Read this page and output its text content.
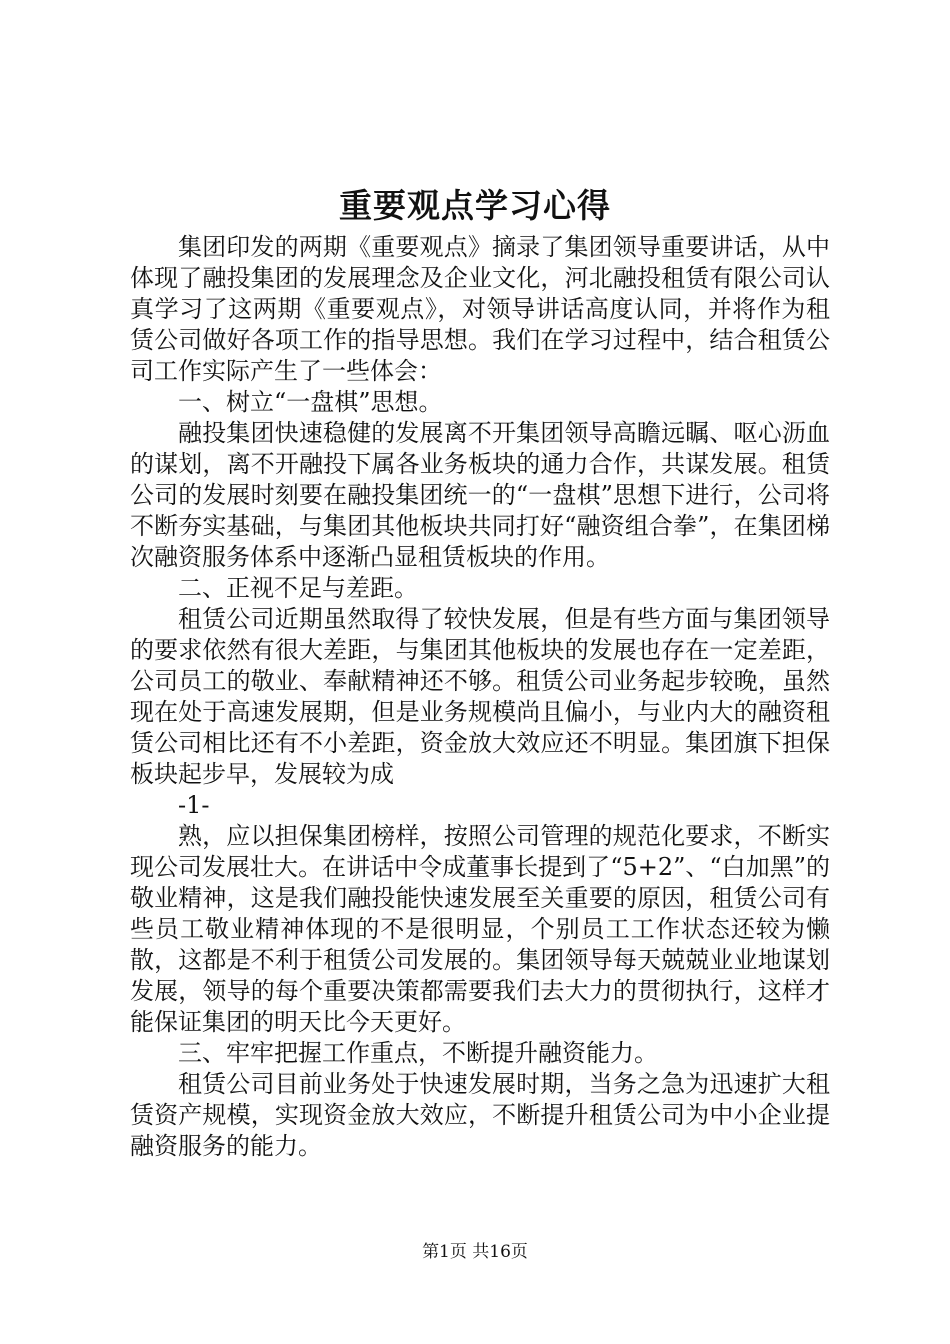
重要观点学习心得

集团印发的两期《重要观点》摘录了集团领导重要讲话，从中体现了融投集团的发展理念及企业文化，河北融投租赁有限公司认真学习了这两期《重要观点》，对领导讲话高度认同，并将作为租赁公司做好各项工作的指导思想。我们在学习过程中，结合租赁公司工作实际产生了一些体会：

一、树立“一盘棋”思想。

融投集团快速稳健的发展离不开集团领导高瞻远瞩、呕心沥血的谋划，离不开融投下属各业务板块的通力合作，共谋发展。租赁公司的发展时刻要在融投集团统一的“一盘棋”思想下进行，公司将不断夯实基础，与集团其他板块共同打好“融资组合拳”，在集团梯次融资服务体系中逐渐凸显租赁板块的作用。

二、正视不足与差距。

租赁公司近期虽然取得了较快发展，但是有些方面与集团领导的要求依然有很大差距，与集团其他板块的发展也存在一定差距，公司员工的敬业、奉献精神还不够。租赁公司业务起步较晚，虽然现在处于高速发展期，但是业务规模尚且偏小，与业内大的融资租赁公司相比还有不小差距，资金放大效应还不明显。集团旗下担保板块起步早，发展较为成

-1-

熟，应以担保集团榜样，按照公司管理的规范化要求，不断实现公司发展壮大。在讲话中令成董事长提到了“5+2”、“白加黑”的敬业精神，这是我们融投能快速发展至关重要的原因，租赁公司有些员工敬业精神体现的不是很明显，个别员工工作状态还较为懒散，这都是不利于租赁公司发展的。集团领导每天兢兢业业地谋划发展，领导的每个重要决策都需要我们去大力的贯彻执行，这样才能保证集团的明天比今天更好。

三、牢牢把握工作重点，不断提升融资能力。

租赁公司目前业务处于快速发展时期，当务之急为迅速扩大租赁资产规模，实现资金放大效应，不断提升租赁公司为中小企业提融资服务的能力。

第1页 共16页
